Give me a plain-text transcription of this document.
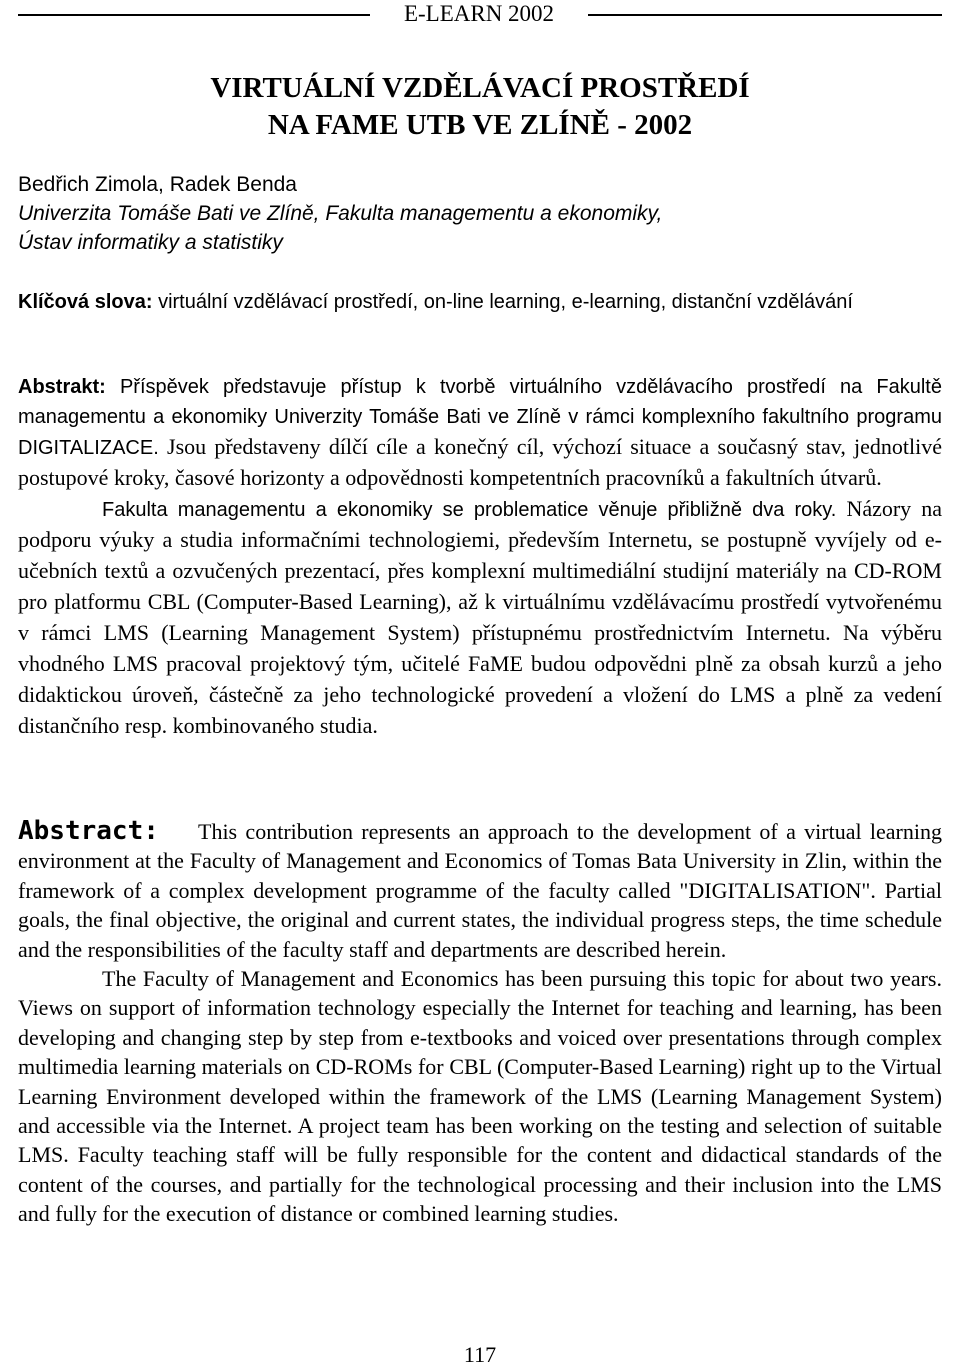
E-LEARN 2002
VIRTUÁLNÍ VZDĚLÁVACÍ PROSTŘEDÍ
NA FAME UTB VE ZLÍNĚ - 2002
Bedřich Zimola, Radek Benda
Univerzita Tomáše Bati ve Zlíně, Fakulta managementu a ekonomiky,
Ústav informatiky a statistiky

Klíčová slova: virtuální vzdělávací prostředí, on-line learning, e-learning, distanční vzdělávání

Abstrakt: Příspěvek představuje přístup k tvorbě virtuálního vzdělávacího prostředí na Fakultě managementu a ekonomiky Univerzity Tomáše Bati ve Zlíně v rámci komplexního fakultního programu DIGITALIZACE. Jsou představeny dílčí cíle a konečný cíl, výchozí situace a současný stav, jednotlivé postupové kroky, časové horizonty a odpovědnosti kompetentních pracovníků a fakultních útvarů.

Fakulta managementu a ekonomiky se problematice věnuje přibližně dva roky. Názory na podporu výuky a studia informačními technologiemi, především Internetu, se postupně vyvíjely od e-učebních textů a ozvučených prezentací, přes komplexní multimediální studijní materiály na CD-ROM pro platformu CBL (Computer-Based Learning), až k virtuálnímu vzdělávacímu prostředí vytvořenému v rámci LMS (Learning Management System) přístupnému prostřednictvím Internetu. Na výběru vhodného LMS pracoval projektový tým, učitelé FaME budou odpovědni plně za obsah kurzů a jeho didaktickou úroveň, částečně za jeho technologické provedení a vložení do LMS a plně za vedení distančního resp. kombinovaného studia.

Abstract: This contribution represents an approach to the development of a virtual learning environment at the Faculty of Management and Economics of Tomas Bata University in Zlin, within the framework of a complex development programme of the faculty called "DIGITALISATION". Partial goals, the final objective, the original and current states, the individual progress steps, the time schedule and the responsibilities of the faculty staff and departments are described herein.

The Faculty of Management and Economics has been pursuing this topic for about two years. Views on support of information technology especially the Internet for teaching and learning, has been developing and changing step by step from e-textbooks and voiced over presentations through complex multimedia learning materials on CD-ROMs for CBL (Computer-Based Learning) right up to the Virtual Learning Environment developed within the framework of the LMS (Learning Management System) and accessible via the Internet. A project team has been working on the testing and selection of suitable LMS. Faculty teaching staff will be fully responsible for the content and didactical standards of the content of the courses, and partially for the technological processing and their inclusion into the LMS and fully for the execution of distance or combined learning studies.

117
